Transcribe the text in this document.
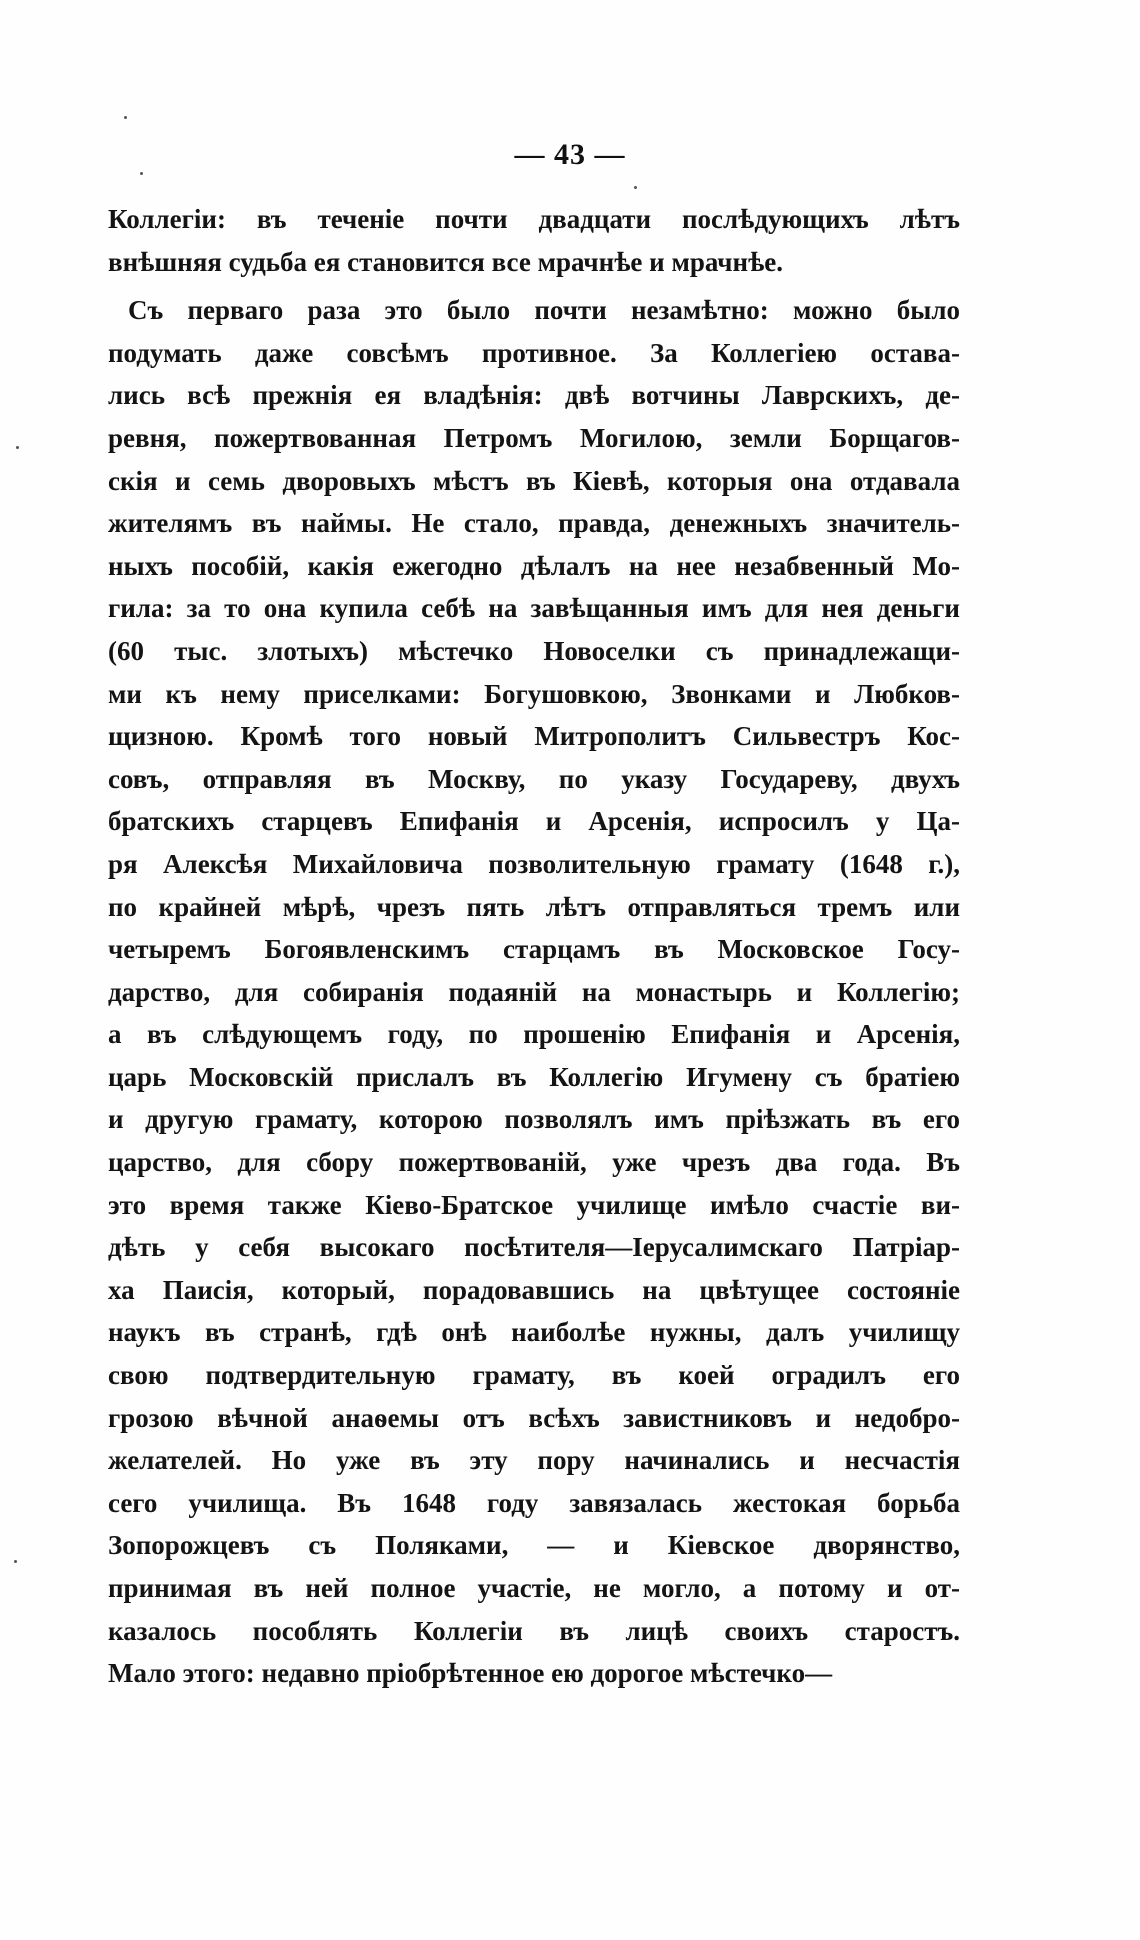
— 43 —
Коллегіи: въ теченіе почти двадцати послѣдующихъ лѣтъ
внѣшняя судьба ея становится все мрачнѣе и мрачнѣе.
Съ перваго раза это было почти незамѣтно: можно было
подумать даже совсѣмъ противное. За Коллегіею остава-
лись всѣ прежнія ея владѣнія: двѣ вотчины Лаврскихъ, де-
ревня, пожертвованная Петромъ Могилою, земли Борщагов-
скія и семь дворовыхъ мѣстъ въ Кіевѣ, которыя она отдавала
жителямъ въ наймы. Не стало, правда, денежныхъ значитель-
ныхъ пособій, какія ежегодно дѣлалъ на нее незабвенный Мо-
гила: за то она купила себѣ на завѣщанныя имъ для нея деньги
(60 тыс. злотыхъ) мѣстечко Новоселки съ принадлежащи-
ми къ нему приселками: Богушовкою, Звонками и Любков-
щизною. Кромѣ того новый Митрополитъ Сильвестръ Кос-
совъ, отправляя въ Москву, по указу Государеву, двухъ
братскихъ старцевъ Епифанія и Арсенія, испросилъ у Ца-
ря Алексѣя Михайловича позволительную грамату (1648 г.),
по крайней мѣрѣ, чрезъ пять лѣтъ отправляться тремъ или
четыремъ Богоявленскимъ старцамъ въ Московское Госу-
дарство, для собиранія подаяній на монастырь и Коллегію;
а въ слѣдующемъ году, по прошенію Епифанія и Арсенія,
царь Московскій прислалъ въ Коллегію Игумену съ братіею
и другую грамату, которою позволялъ имъ пріѣзжать въ его
царство, для сбору пожертвованій, уже чрезъ два года. Въ
это время также Кіево-Братское училище имѣло счастіе ви-
дѣть у себя высокаго посѣтителя—Іерусалимскаго Патріар-
ха Паисія, который, порадовавшись на цвѣтущее состояніе
наукъ въ странѣ, гдѣ онѣ наиболѣе нужны, далъ училищу
свою подтвердительную грамату, въ коей оградилъ его
грозою вѣчной анаѳемы отъ всѣхъ завистниковъ и недобро-
желателей. Но уже въ эту пору начинались и несчастія
сего училища. Въ 1648 году завязалась жестокая борьба
Зопорожцевъ съ Поляками, — и Кіевское дворянство,
принимая въ ней полное участіе, не могло, а потому и от-
казалось пособлять Коллегіи въ лицѣ своихъ старостъ.
Мало этого: недавно пріобрѣтенное ею дорогое мѣстечко—
